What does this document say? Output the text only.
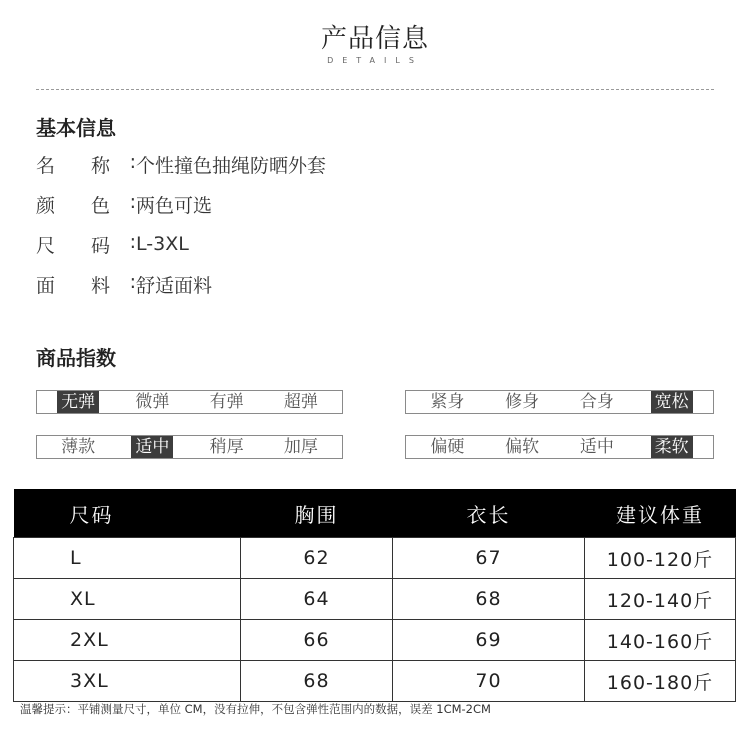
产品信息
DETAILS
基本信息
名称 : 个性撞色抽绳防晒外套
颜色 : 两色可选
尺码 : L-3XL
面料 : 舒适面料
商品指数
无弹 微弹 有弹 超弹	紧身 修身 合身 宽松
薄款 适中 稍厚 加厚	偏硬 偏软 适中 柔软
尺码	胸围	衣长	建议体重
L	62	67	100-120斤
XL	64	68	120-140斤
2XL	66	69	140-160斤
3XL	68	70	160-180斤
温馨提示：平铺测量尺寸，单位 CM，没有拉伸，不包含弹性范围内的数据，误差 1CM-2CM
